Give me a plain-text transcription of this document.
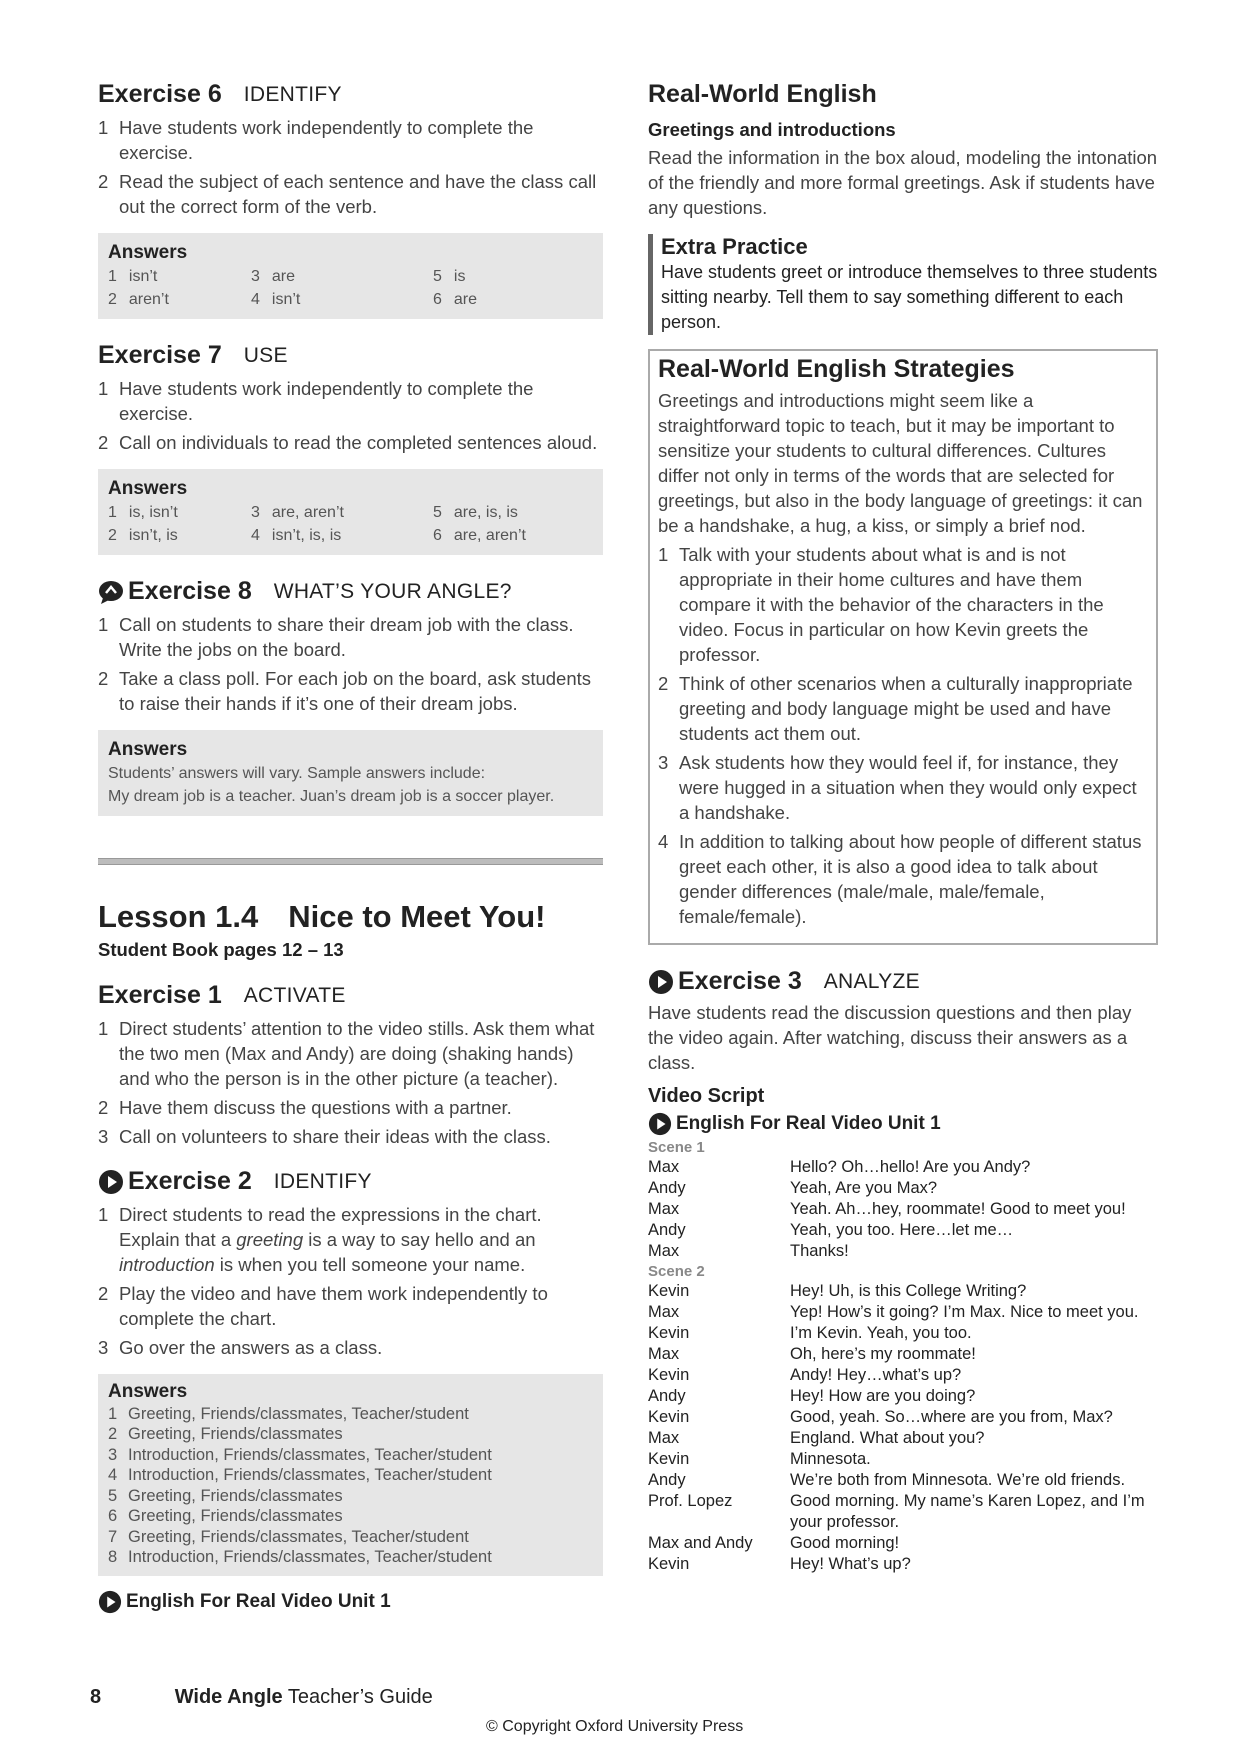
Exercise 6 IDENTIFY
1 Have students work independently to complete the exercise.
2 Read the subject of each sentence and have the class call out the correct form of the verb.
Answers
1 isn’t	3 are	5 is
2 aren’t	4 isn’t	6 are
Exercise 7 USE
1 Have students work independently to complete the exercise.
2 Call on individuals to read the completed sentences aloud.
Answers
1 is, isn’t	3 are, aren’t	5 are, is, is
2 isn’t, is	4 isn’t, is, is	6 are, aren’t
Exercise 8 WHAT’S YOUR ANGLE?
1 Call on students to share their dream job with the class. Write the jobs on the board.
2 Take a class poll. For each job on the board, ask students to raise their hands if it’s one of their dream jobs.
Answers
Students’ answers will vary. Sample answers include:
My dream job is a teacher. Juan’s dream job is a soccer player.
Lesson 1.4 Nice to Meet You!
Student Book pages 12 – 13
Exercise 1 ACTIVATE
1 Direct students’ attention to the video stills. Ask them what the two men (Max and Andy) are doing (shaking hands) and who the person is in the other picture (a teacher).
2 Have them discuss the questions with a partner.
3 Call on volunteers to share their ideas with the class.
Exercise 2 IDENTIFY
1 Direct students to read the expressions in the chart. Explain that a greeting is a way to say hello and an introduction is when you tell someone your name.
2 Play the video and have them work independently to complete the chart.
3 Go over the answers as a class.
Answers
1 Greeting, Friends/classmates, Teacher/student
2 Greeting, Friends/classmates
3 Introduction, Friends/classmates, Teacher/student
4 Introduction, Friends/classmates, Teacher/student
5 Greeting, Friends/classmates
6 Greeting, Friends/classmates
7 Greeting, Friends/classmates, Teacher/student
8 Introduction, Friends/classmates, Teacher/student
English For Real Video Unit 1
Real-World English
Greetings and introductions

Read the information in the box aloud, modeling the intonation of the friendly and more formal greetings. Ask if students have any questions.

Extra Practice
Have students greet or introduce themselves to three students sitting nearby. Tell them to say something different to each person.
Real-World English Strategies

Greetings and introductions might seem like a straightforward topic to teach, but it may be important to sensitize your students to cultural differences. Cultures differ not only in terms of the words that are selected for greetings, but also in the body language of greetings: it can be a handshake, a hug, a kiss, or simply a brief nod.

1 Talk with your students about what is and is not appropriate in their home cultures and have them compare it with the behavior of the characters in the video. Focus in particular on how Kevin greets the professor.
2 Think of other scenarios when a culturally inappropriate greeting and body language might be used and have students act them out.
3 Ask students how they would feel if, for instance, they were hugged in a situation when they would only expect a handshake.
4 In addition to talking about how people of different status greet each other, it is also a good idea to talk about gender differences (male/male, male/female, female/female).
Exercise 3 ANALYZE

Have students read the discussion questions and then play the video again. After watching, discuss their answers as a class.

Video Script
English For Real Video Unit 1
Scene 1
Max	Hello? Oh…hello! Are you Andy?
Andy	Yeah, Are you Max?
Max	Yeah. Ah…hey, roommate! Good to meet you!
Andy	Yeah, you too. Here…let me…
Max	Thanks!
Scene 2
Kevin	Hey! Uh, is this College Writing?
Max	Yep! How’s it going? I’m Max. Nice to meet you.
Kevin	I’m Kevin. Yeah, you too.
Max	Oh, here’s my roommate!
Kevin	Andy! Hey…what’s up?
Andy	Hey! How are you doing?
Kevin	Good, yeah. So…where are you from, Max?
Max	England. What about you?
Kevin	Minnesota.
Andy	We’re both from Minnesota. We’re old friends.
Prof. Lopez	Good morning. My name’s Karen Lopez, and I’m your professor.
Max and Andy	Good morning!
Kevin	Hey! What’s up?
8	Wide Angle Teacher’s Guide
© Copyright Oxford University Press
